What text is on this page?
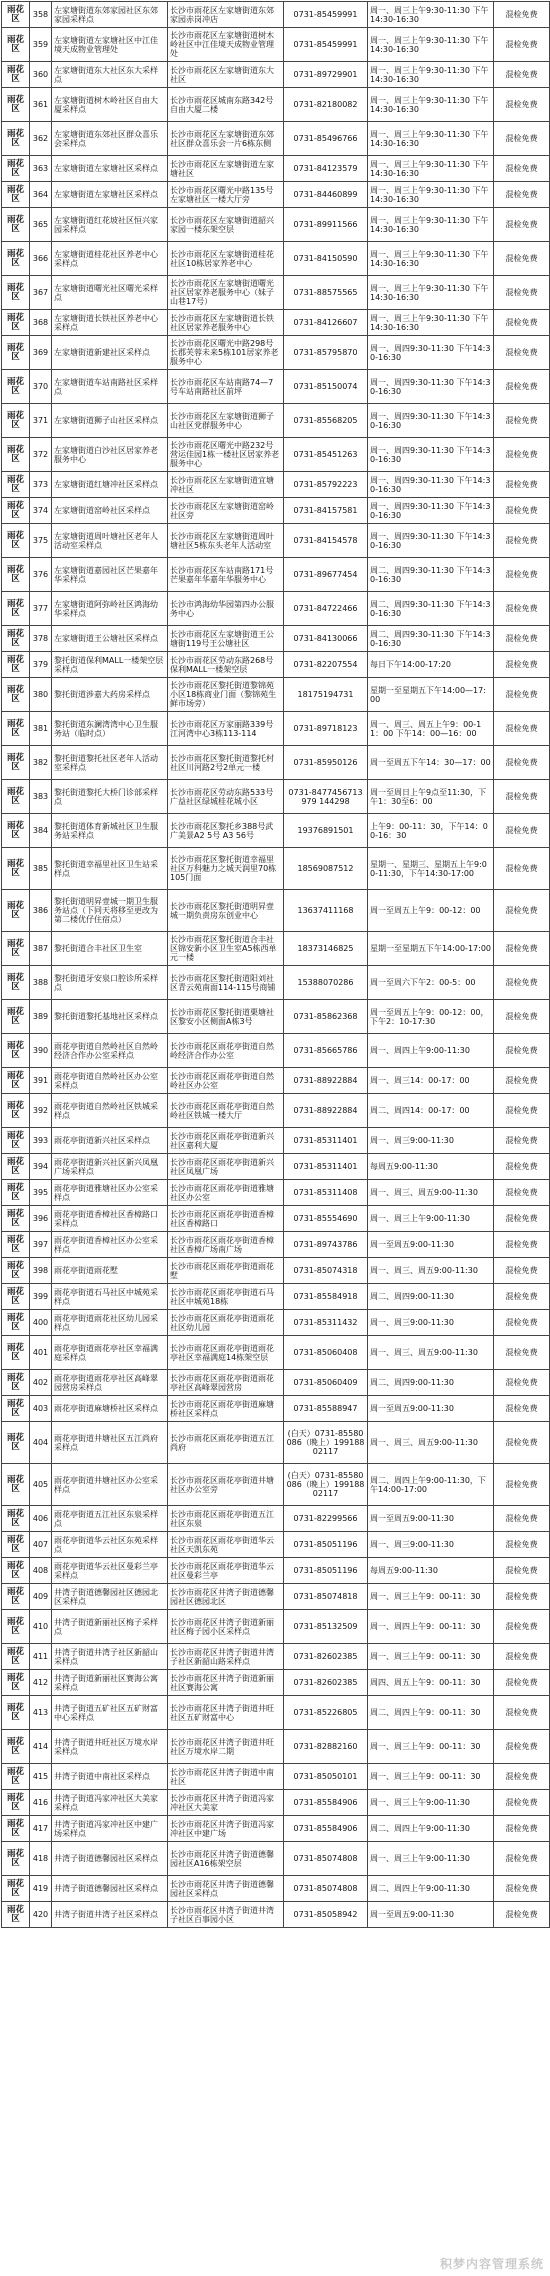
雨花区	358	左家塘街道东郊家园社区东郊家园采样点	长沙市雨花区左家塘街道东郊家园赤岗冲店	0731-85459991	周一、周三上午9:30-11:30 下午14:30-16:30	混检免费
雨花区	359	左家塘街道左家塘社区中江佳境天成物业管理处	长沙市雨花区左家塘街道树木岭社区中江佳境天成物业管理处	0731-85459991	周一、周三上午9:30-11:30 下午14:30-16:30	混检免费
雨花区	360	左家塘街道东大社区东大采样点	长沙市雨花区左家塘街道东大社区	0731-89729901	周一、周三上午9:30-11:30 下午14:30-16:30	混检免费
雨花区	361	左家塘街道树木岭社区自由大厦采样点	长沙市雨花区城南东路342号自由大厦二楼	0731-82180082	周一、周三上午9:30-11:30 下午14:30-16:30	混检免费
雨花区	362	左家塘街道东郊社区群众喜乐会采样点	长沙市雨花区左家塘街道东郊社区群众喜乐会一片6栋东侧	0731-85496766	周一、周三上午9:30-11:30 下午14:30-16:30	混检免费
雨花区	363	左家塘街道左家塘社区采样点	长沙市雨花区左家塘街道左家塘社区	0731-84123579	周一、周三上午9:30-11:30 下午14:30-16:30	混检免费
雨花区	364	左家塘街道左家塘社区采样点	长沙市雨花区曙光中路135号左家塘社区一楼大厅旁	0731-84460899	周一、周三上午9:30-11:30 下午14:30-16:30	混检免费
雨花区	365	左家塘街道红花坡社区恒兴家园采样点	长沙市雨花区左家塘街道韶兴家园一楼东架空层	0731-89911566	周一、周三上午9:30-11:30 下午14:30-16:30	混检免费
雨花区	366	左家塘街道桂花社区养老中心采样点	长沙市雨花区左家塘街道桂花社区10栋居家养老中心	0731-84150590	周一、周三上午9:30-11:30 下午14:30-16:30	混检免费
雨花区	367	左家塘街道曙光社区曙光采样点	长沙市雨花区左家塘街道曙光社区居家养老服务中心（妹子山巷17号）	0731-88575565	周一、周三上午9:30-11:30 下午14:30-16:30	混检免费
雨花区	368	左家塘街道长铁社区养老中心采样点	长沙市雨花区左家塘街道长铁社区居家养老服务中心	0731-84126607	周一、周三上午9:30-11:30 下午14:30-16:30	混检免费
雨花区	369	左家塘街道新建社区采样点	长沙市雨花区曙光中路298号长郡芙蓉未来5栋101居家养老服务中心	0731-85795870	周一、周四9:30-11:30 下午14:30-16:30	混检免费
雨花区	370	左家塘街道车站南路社区采样点	长沙市雨花区车站南路74—7号车站南路社区前坪	0731-85150074	周一、周四9:30-11:30 下午14:30-16:30	混检免费
雨花区	371	左家塘街道狮子山社区采样点	长沙市雨花区左家塘街道狮子山社区党群服务中心	0731-85568205	周一、周四9:30-11:30 下午14:30-16:30	混检免费
雨花区	372	左家塘街道白沙社区居家养老服务中心	长沙市雨花区曙光中路232号营运佳园1栋一楼社区居家养老服务中心	0731-85451263	周一、周四9:30-11:30 下午14:30-16:30	混检免费
雨花区	373	左家塘街道红塘冲社区采样点	长沙市雨花区左家塘街道宜塘冲社区	0731-85792223	周一、周四9:30-11:30 下午14:30-16:30	混检免费
雨花区	374	左家塘街道窑岭社区采样点	长沙市雨花区左家塘街道窑岭社区旁	0731-84157581	周一、周四9:30-11:30 下午14:30-16:30	混检免费
雨花区	375	左家塘街道周叶塘社区老年人活动室采样点	长沙市雨花区左家塘街道周叶塘社区5栋东头老年人活动室	0731-84154578	周一、周四9:30-11:30 下午14:30-16:30	混检免费
雨花区	376	左家塘街道嘉园社区芒果嘉年华采样点	长沙市雨花区车站南路171号芒果嘉年华嘉年华服务中心	0731-89677454	周二、周四9:30-11:30 下午14:30-16:30	混检免费
雨花区	377	左家塘街道阿弥岭社区鸿海幼华采样点	长沙市鸿海幼华园第四办公服务中心	0731-84722466	周二、周四9:30-11:30 下午14:30-16:30	混检免费
雨花区	378	左家塘街道王公塘社区采样点	长沙市雨花区左家塘街道王公塘街119号王公塘社区	0731-84130066	周二、周四9:30-11:30 下午14:30-16:30	混检免费
雨花区	379	黎托街道保利MALL一楼架空层采样点	长沙市雨花区劳动东路268号保利MALL一楼架空层	0731-82207554	每日下午14:00-17:20	混检免费
雨花区	380	黎托街道涉嘉大药房采样点	长沙市雨花区黎托街道黎锦苑小区18栋商业门面（黎锦苑生鲜市场旁）	18175194731	星期一至星期五下午14:00—17:00	混检免费
雨花区	381	黎托街道东澜湾湾中心卫生服务站（临时点）	长沙市雨花区万家丽路339号江河湾中心3栋113-114	0731-89718123	周一、周三、周五上午9：00-11：00 下午14：00—16：00	混检免费
雨花区	382	黎托街道黎托社区老年人活动室采样点	长沙市雨花区黎托街道黎托村社区川河路2号2单元一楼	0731-85950126	周一至周五下午14：30—17：00	混检免费
雨花区	383	黎托街道黎托大桥门诊部采样点	长沙市雨花区劳动东路533号广益社区绿城桂花城小区	0731-8477456713979 144298	周一至周日上午9点至11:30，下午1：30至6：00	混检免费
雨花区	384	黎托街道体育新城社区卫生服务站采样点	长沙市雨花区黎托乡388号武广美景A2 5号 A3 56号	19376891501	上午9：00-11：30，下午14：00-16：30	混检免费
雨花区	385	黎托街道幸福里社区卫生站采样点	长沙市雨花区黎托街道幸福里社区万科魅力之城天润里70栋105门面	18569087512	星期一、星期三、星期五上午9:00-11:30，下午14:30-17:00	混检免费
雨花区	386	黎托街道明昇壹城一期卫生服务站点（下同天将移至更改为第二楼优仔住宿点）	长沙市雨花区黎托街道明昇壹城一期负责房东创业中心	13637411168	周一至周五上午9：00-12：00	混检免费
雨花区	387	黎托街道合丰社区卫生室	长沙市雨花区黎托街道合丰社区锦安新小区卫生室A5栋西单元一楼	18373146825	星期一至星期五下午14:00-17:00	混检免费
雨花区	388	黎托街道牙安泉口腔诊所采样点	长沙市雨花区黎托街道阳刘社区青云苑南面114-115号商铺	15388070286	周一至周六下午2：00-5：00	混检免费
雨花区	389	黎托街道黎托基地社区采样点	长沙市雨花区黎托街道栗塘社区黎安小区侧面A栋3号	0731-85862368	周一至周五上午9：00-12：00，下午2：10-17:30	混检免费
雨花区	390	雨花亭街道自然岭社区自然岭经济合作办公室采样点	长沙市雨花区雨花亭街道自然岭经济合作办公室	0731-85665786	周一、周四上午9:00-11:30	混检免费
雨花区	391	雨花亭街道自然岭社区办公室采样点	长沙市雨花区雨花亭街道自然岭社区办公室	0731-88922884	周一、周三14：00-17：00	混检免费
雨花区	392	雨花亭街道自然岭社区铁城采样点	长沙市雨花区雨花亭街道自然岭社区铁城一楼大厅	0731-88922884	周二、周四14：00-17：00	混检免费
雨花区	393	雨花亭街道新兴社区采样点	长沙市雨花区雨花亭街道新兴社区嘉利大厦	0731-85311401	周一、周三9:00-11:30	混检免费
雨花区	394	雨花亭街道新兴社区新兴凤凰广场采样点	长沙市雨花区雨花亭街道新兴社区凤凰广场	0731-85311401	每周五9:00-11:30	混检免费
雨花区	395	雨花亭街道雅塘社区办公室采样点	长沙市雨花区雨花亭街道雅塘社区办公室	0731-85311408	周一、周三、周五9:00-11:30	混检免费
雨花区	396	雨花亭街道香樟社区香樟路口采样点	长沙市雨花区雨花亭街道香樟社区香樟路口	0731-85554690	周一、周三上午9:00-11:30	混检免费
雨花区	397	雨花亭街道香樟社区办公室采样点	长沙市雨花区雨花亭街道香樟社区香樟广场南广场	0731-89743786	周一至周五9:00-11:30	混检免费
雨花区	398	雨花亭街道雨花墅	长沙市雨花区雨花亭街道雨花墅	0731-85074318	周一、周三、周五9:00-11:30	混检免费
雨花区	399	雨花亭街道石马社区中城苑采样点	长沙市雨花区雨花亭街道石马社区中城苑18栋	0731-85584918	周二、周四9:00-11:30	混检免费
雨花区	400	雨花亭街道雨花社区幼儿园采样点	长沙市雨花区雨花亭街道雨花社区幼儿园	0731-85311432	周一、周三9:00-11:30	混检免费
雨花区	401	雨花亭街道雨花亭社区幸福满庭采样点	长沙市雨花区雨花亭街道雨花亭社区幸福满庭14栋架空层	0731-85060408	周一、周三、周五9:00-11:30	混检免费
雨花区	402	雨花亭街道雨花亭社区高峰翠园营房采样点	长沙市雨花区雨花亭街道雨花亭社区高峰翠园营房	0731-85060409	周二、周四9:00-11:30	混检免费
雨花区	403	雨花亭街道麻塘桥社区采样点	长沙市雨花区雨花亭街道麻塘桥社区采样点	0731-85588947	周一至周五9:00-11:30	混检免费
雨花区	404	雨花亭街道井塘社区五江尚府采样点	长沙市雨花区雨花亭街道五江尚府	(白天）0731-85580086（晚上）19918802117	周一、周三、周五9:00-11:30	混检免费
雨花区	405	雨花亭街道井塘社区办公室采样点	长沙市雨花区雨花亭街道井塘社区办公室旁	(白天）0731-85580086（晚上）19918802117	周二、周四上午9:00-11:30，下午14:00-17:00	混检免费
雨花区	406	雨花亭街道五江社区东泉采样点	长沙市雨花区雨花亭街道五江社区东泉	0731-82299566	周一至周五9:00-11:30	混检免费
雨花区	407	雨花亭街道华云社区东苑采样点	长沙市雨花区雨花亭街道华云社区天凯东苑	0731-85051196	周一、周三9:00-11:30	混检免费
雨花区	408	雨花亭街道华云社区曼彩兰亭采样点	长沙市雨花区雨花亭街道华云社区曼彩兰亭	0731-85051196	每周五9:00-11:30	混检免费
雨花区	409	井湾子街道德馨园社区德园北区采样点	长沙市雨花区井湾子街道德馨园社区德园北区	0731-85074818	周一、周三上午9：00-11：30	混检免费
雨花区	410	井湾子街道新丽社区梅子采样点	长沙市雨花区井湾子街道新丽社区梅子园小区采样点	0731-85132509	周一、周四上午9：00-11：30	混检免费
雨花区	411	井湾子街道井湾子社区新韶山采样点	长沙市雨花区井湾子街道井湾子社区新韶山路采样点	0731-82602385	周一、周三上午9：00-11：30	混检免费
雨花区	412	井湾子街道新丽社区赛海公寓采样点	长沙市雨花区井湾子街道新丽社区赛海公寓	0731-82602385	周四、周五上午9：00-11：30	混检免费
雨花区	413	井湾子街道五矿社区五矿财富中心采样点	长沙市雨花区井湾子街道井旺社区五矿财富中心	0731-85226805	周二、周四上午9：00-11：30	混检免费
雨花区	414	井湾子街道井旺社区万境水岸采样点	长沙市雨花区井湾子街道井旺社区万境水岸二期	0731-82882160	周一、周三上午9：00-11：30	混检免费
雨花区	415	井湾子街道中南社区采样点	长沙市雨花区井湾子街道中南社区	0731-85050101	周一、周三上午9：00-11：30	混检免费
雨花区	416	井湾子街道冯家冲社区大美家采样点	长沙市雨花区井湾子街道冯家冲社区大美家	0731-85584906	周一、周三上午9:00-11:30	混检免费
雨花区	417	井湾子街道冯家冲社区中建广场采样点	长沙市雨花区井湾子街道冯家冲社区中建广场	0731-85584906	周二、周四上午9:00-11:30	混检免费
雨花区	418	井湾子街道德馨园社区采样点	长沙市雨花区井湾子街道德馨园社区A16栋架空层	0731-85074808	周一、周三上午9:00-11:30	混检免费
雨花区	419	井湾子街道德馨园社区采样点	长沙市雨花区井湾子街道德馨园社区采样点	0731-85074808	周二、周四上午9:00-11:30	混检免费
雨花区	420	井湾子街道井湾子社区采样点	长沙市雨花区井湾子街道井湾子社区百事园小区	0731-85058942	周一至周五9:00-11:30	混检免费
积梦内容管理系统
